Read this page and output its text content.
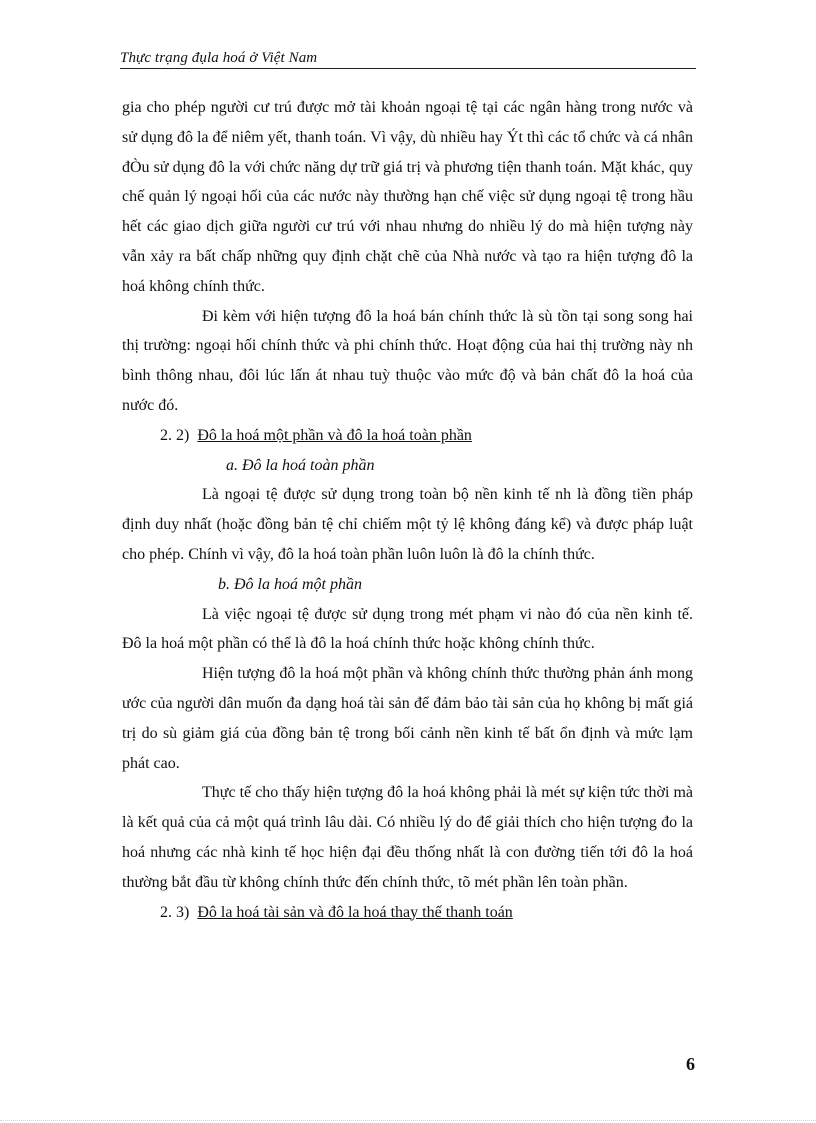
Thực trạng đụla hoá ở Việt Nam

gia cho phép người cư trú được mở tài khoản ngoại tệ tại các ngân hàng trong nước và sử dụng đô la để niêm yết, thanh toán. Vì vậy, dù nhiều hay Ýt thì các tổ chức và cá nhân đÒu sử dụng đô la với chức năng dự trữ giá trị và phương tiện thanh toán. Mặt khác, quy chế quản lý ngoại hối của các nước này thường hạn chế việc sử dụng ngoại tệ trong hầu hết các giao dịch giữa người cư trú với nhau nhưng do nhiều lý do mà hiện tượng này vẫn xảy ra bất chấp những quy định chặt chẽ của Nhà nước và tạo ra hiện tượng đô la hoá không chính thức.

Đi kèm với hiện tượng đô la hoá bán chính thức là sù tồn tại song song hai thị trường: ngoại hối chính thức và phi chính thức. Hoạt động của hai thị trường này nh bình thông nhau, đôi lúc lấn át nhau tuỳ thuộc vào mức độ và bản chất đô la hoá của nước đó.

2. 2) Đô la hoá một phần và đô la hoá toàn phần

a. Đô la hoá toàn phần

Là ngoại tệ được sử dụng trong toàn bộ nền kinh tế nh là đồng tiền pháp định duy nhất (hoặc đồng bản tệ chỉ chiếm một tỷ lệ không đáng kể) và được pháp luật cho phép. Chính vì vậy, đô la hoá toàn phần luôn luôn là đô la chính thức.

b. Đô la hoá một phần

Là việc ngoại tệ được sử dụng trong mét phạm vi nào đó của nền kinh tế. Đô la hoá một phần có thể là đô la hoá chính thức hoặc không chính thức.

Hiện tượng đô la hoá một phần và không chính thức thường phản ánh mong ước của người dân muốn đa dạng hoá tài sản để đảm bảo tài sản của họ không bị mất giá trị do sù giảm giá của đồng bản tệ trong bối cảnh nền kinh tế bất ổn định và mức lạm phát cao.

Thực tế cho thấy hiện tượng đô la hoá không phải là mét sự kiện tức thời mà là kết quả của cả một quá trình lâu dài. Có nhiều lý do để giải thích cho hiện tượng đo la hoá nhưng các nhà kinh tế học hiện đại đều thống nhất là con đường tiến tới đô la hoá thường bắt đầu từ không chính thức đến chính thức, tõ mét phần lên toàn phần.

2. 3) Đô la hoá tài sản và đô la hoá thay thế thanh toán

6
